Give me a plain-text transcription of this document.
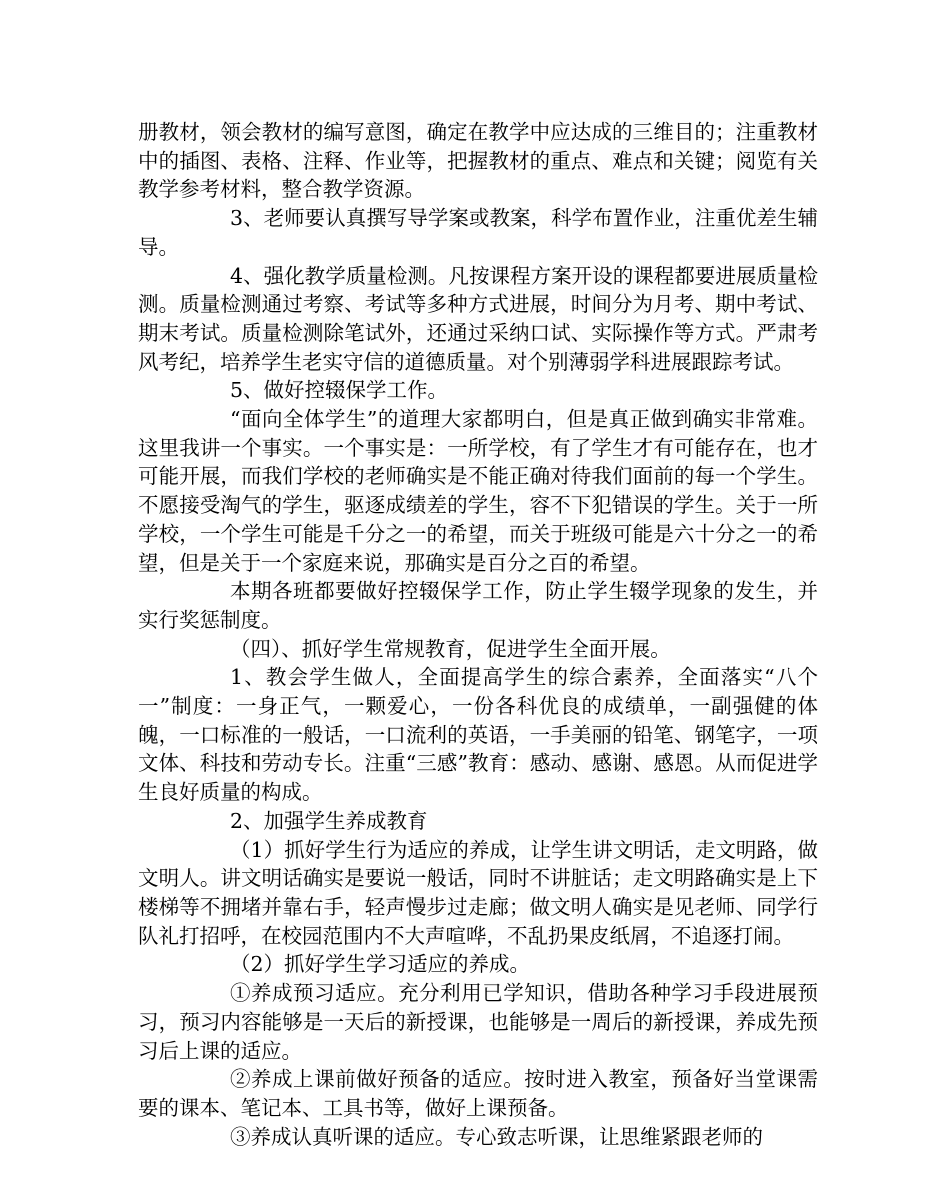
册教材，领会教材的编写意图，确定在教学中应达成的三维目的；注重教材中的插图、表格、注释、作业等，把握教材的重点、难点和关键；阅览有关教学参考材料，整合教学资源。

3、老师要认真撰写导学案或教案，科学布置作业，注重优差生辅导。

4、强化教学质量检测。凡按课程方案开设的课程都要进展质量检测。质量检测通过考察、考试等多种方式进展，时间分为月考、期中考试、期末考试。质量检测除笔试外，还通过采纳口试、实际操作等方式。严肃考风考纪，培养学生老实守信的道德质量。对个别薄弱学科进展跟踪考试。

5、做好控辍保学工作。

“面向全体学生”的道理大家都明白，但是真正做到确实非常难。这里我讲一个事实。一个事实是：一所学校，有了学生才有可能存在，也才可能开展，而我们学校的老师确实是不能正确对待我们面前的每一个学生。不愿接受淘气的学生，驱逐成绩差的学生，容不下犯错误的学生。关于一所学校，一个学生可能是千分之一的希望，而关于班级可能是六十分之一的希望，但是关于一个家庭来说，那确实是百分之百的希望。

本期各班都要做好控辍保学工作，防止学生辍学现象的发生，并实行奖惩制度。

（四）、抓好学生常规教育，促进学生全面开展。

1、教会学生做人，全面提高学生的综合素养，全面落实“八个一”制度：一身正气，一颗爱心，一份各科优良的成绩单，一副强健的体魄，一口标准的一般话，一口流利的英语，一手美丽的铅笔、钢笔字，一项文体、科技和劳动专长。注重“三感”教育：感动、感谢、感恩。从而促进学生良好质量的构成。

2、加强学生养成教育

（1）抓好学生行为适应的养成，让学生讲文明话，走文明路，做文明人。讲文明话确实是要说一般话，同时不讲脏话；走文明路确实是上下楼梯等不拥堵并靠右手，轻声慢步过走廊；做文明人确实是见老师、同学行队礼打招呼，在校园范围内不大声喧哗，不乱扔果皮纸屑，不追逐打闹。

（2）抓好学生学习适应的养成。

①养成预习适应。充分利用已学知识，借助各种学习手段进展预习，预习内容能够是一天后的新授课，也能够是一周后的新授课，养成先预习后上课的适应。

②养成上课前做好预备的适应。按时进入教室，预备好当堂课需要的课本、笔记本、工具书等，做好上课预备。

③养成认真听课的适应。专心致志听课，让思维紧跟老师的
